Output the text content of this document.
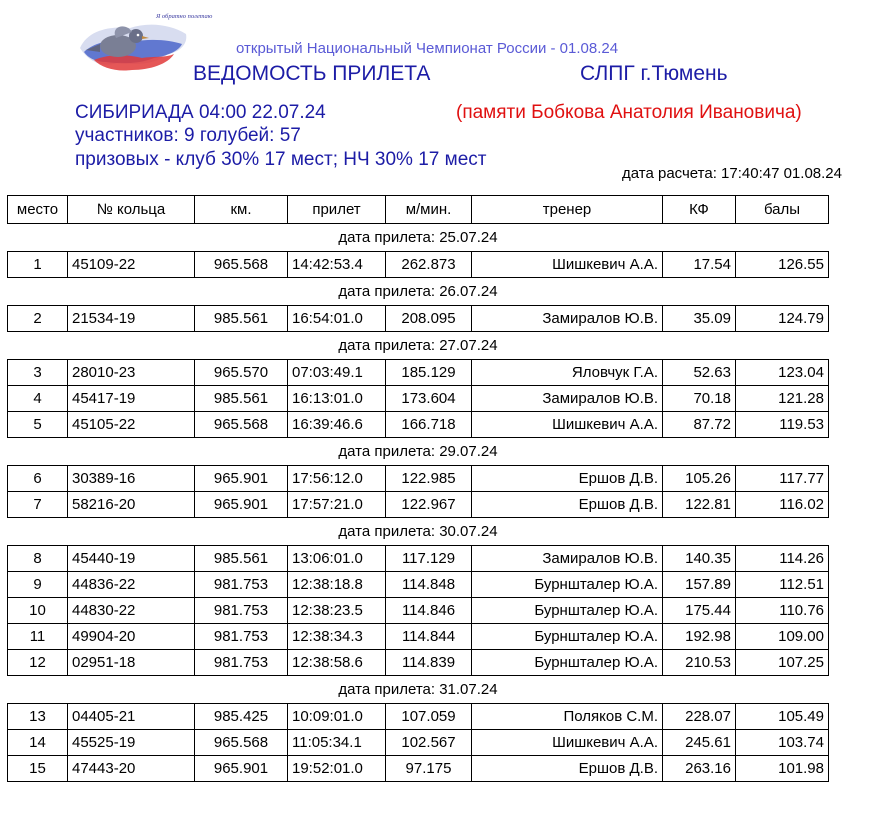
Я обратно полетаю
открытый Национальный Чемпионат России - 01.08.24
ВЕДОМОСТЬ ПРИЛЕТА	СЛПГ г.Тюмень
СИБИРИАДА 04:00 22.07.24	(памяти Бобкова Анатолия Ивановича)
участников: 9 голубей: 57
призовых - клуб 30% 17 мест; НЧ 30% 17 мест
дата расчета: 17:40:47 01.08.24
место	№ кольца	км.	прилет	м/мин.	тренер	КФ	балы
дата прилета: 25.07.24							
1	45109-22	965.568	14:42:53.4	262.873	Шишкевич А.А.	17.54	126.55
дата прилета: 26.07.24							
2	21534-19	985.561	16:54:01.0	208.095	Замиралов Ю.В.	35.09	124.79
дата прилета: 27.07.24							
3	28010-23	965.570	07:03:49.1	185.129	Яловчук Г.А.	52.63	123.04
4	45417-19	985.561	16:13:01.0	173.604	Замиралов Ю.В.	70.18	121.28
5	45105-22	965.568	16:39:46.6	166.718	Шишкевич А.А.	87.72	119.53
дата прилета: 29.07.24							
6	30389-16	965.901	17:56:12.0	122.985	Ершов Д.В.	105.26	117.77
7	58216-20	965.901	17:57:21.0	122.967	Ершов Д.В.	122.81	116.02
дата прилета: 30.07.24							
8	45440-19	985.561	13:06:01.0	117.129	Замиралов Ю.В.	140.35	114.26
9	44836-22	981.753	12:38:18.8	114.848	Бурншталер Ю.А.	157.89	112.51
10	44830-22	981.753	12:38:23.5	114.846	Бурншталер Ю.А.	175.44	110.76
11	49904-20	981.753	12:38:34.3	114.844	Бурншталер Ю.А.	192.98	109.00
12	02951-18	981.753	12:38:58.6	114.839	Бурншталер Ю.А.	210.53	107.25
дата прилета: 31.07.24							
13	04405-21	985.425	10:09:01.0	107.059	Поляков С.М.	228.07	105.49
14	45525-19	965.568	11:05:34.1	102.567	Шишкевич А.А.	245.61	103.74
15	47443-20	965.901	19:52:01.0	97.175	Ершов Д.В.	263.16	101.98
